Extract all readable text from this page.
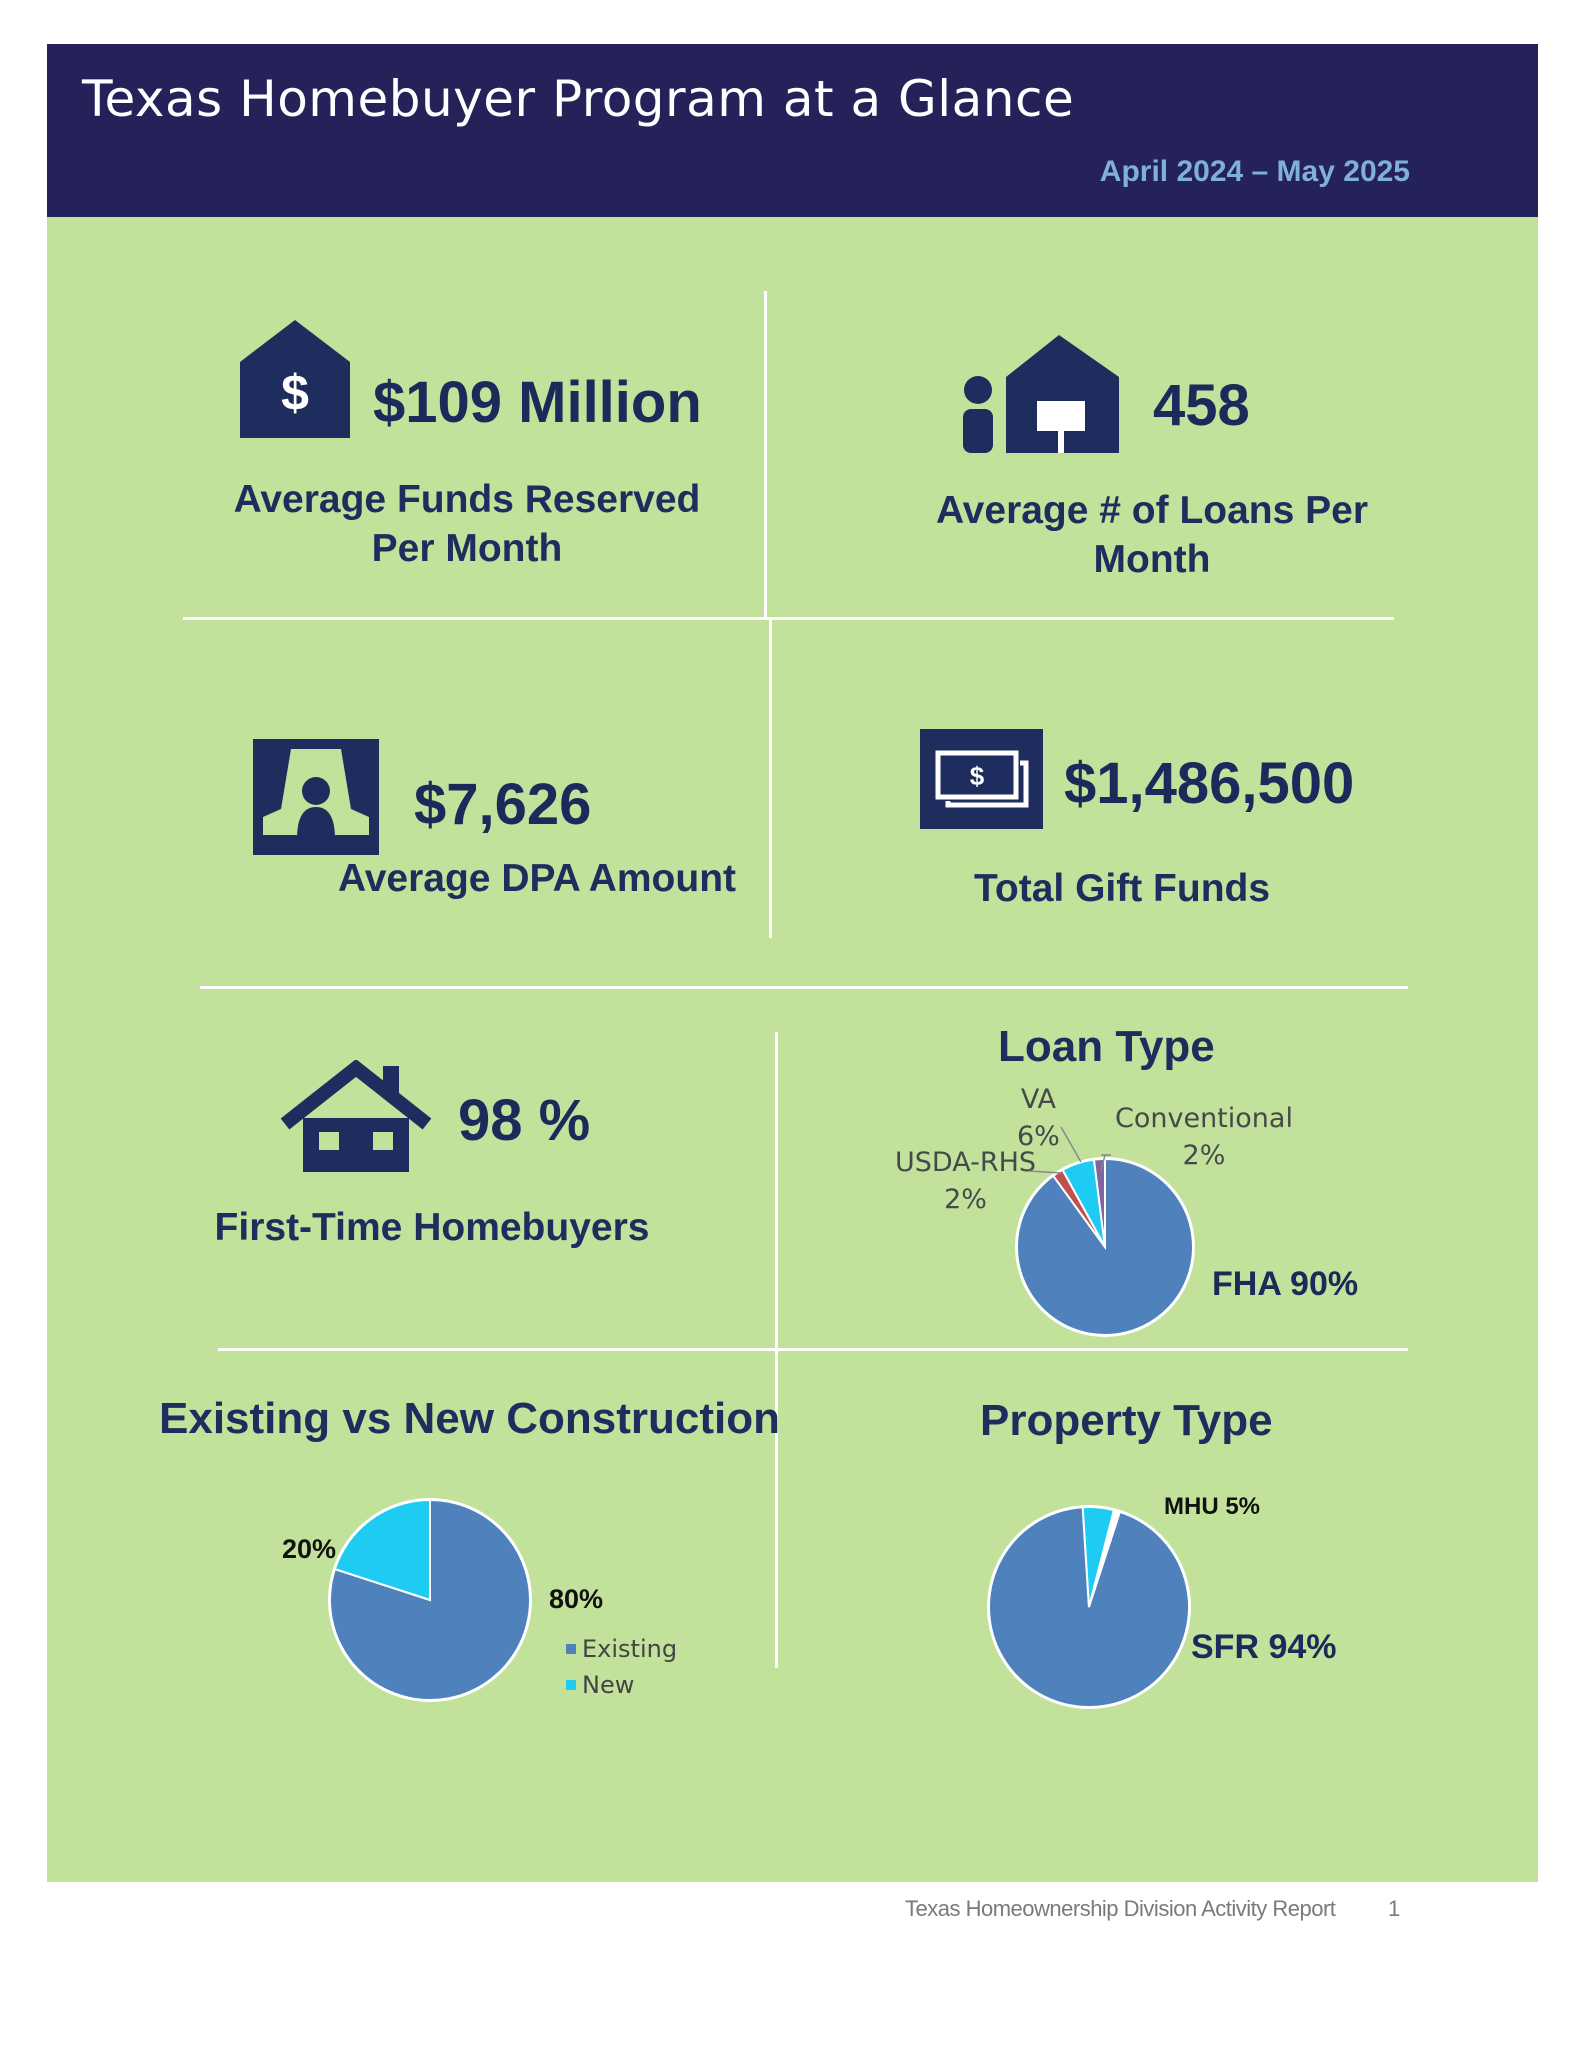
Texas Homebuyer Program at a Glance
April 2024 – May 2025
$ $109 Million
Average Funds Reserved Per Month
458
Average # of Loans Per Month
$7,626
Average DPA Amount
$ $1,486,500
Total Gift Funds
98 %
First-Time Homebuyers
Loan Type
VA
6%
Conventional
2%
USDA-RHS
2%
FHA 90%
Existing vs New Construction
20%
80%
Existing
New
Property Type
MHU 5%
SFR 94%
Texas Homeownership Division Activity Report 1
